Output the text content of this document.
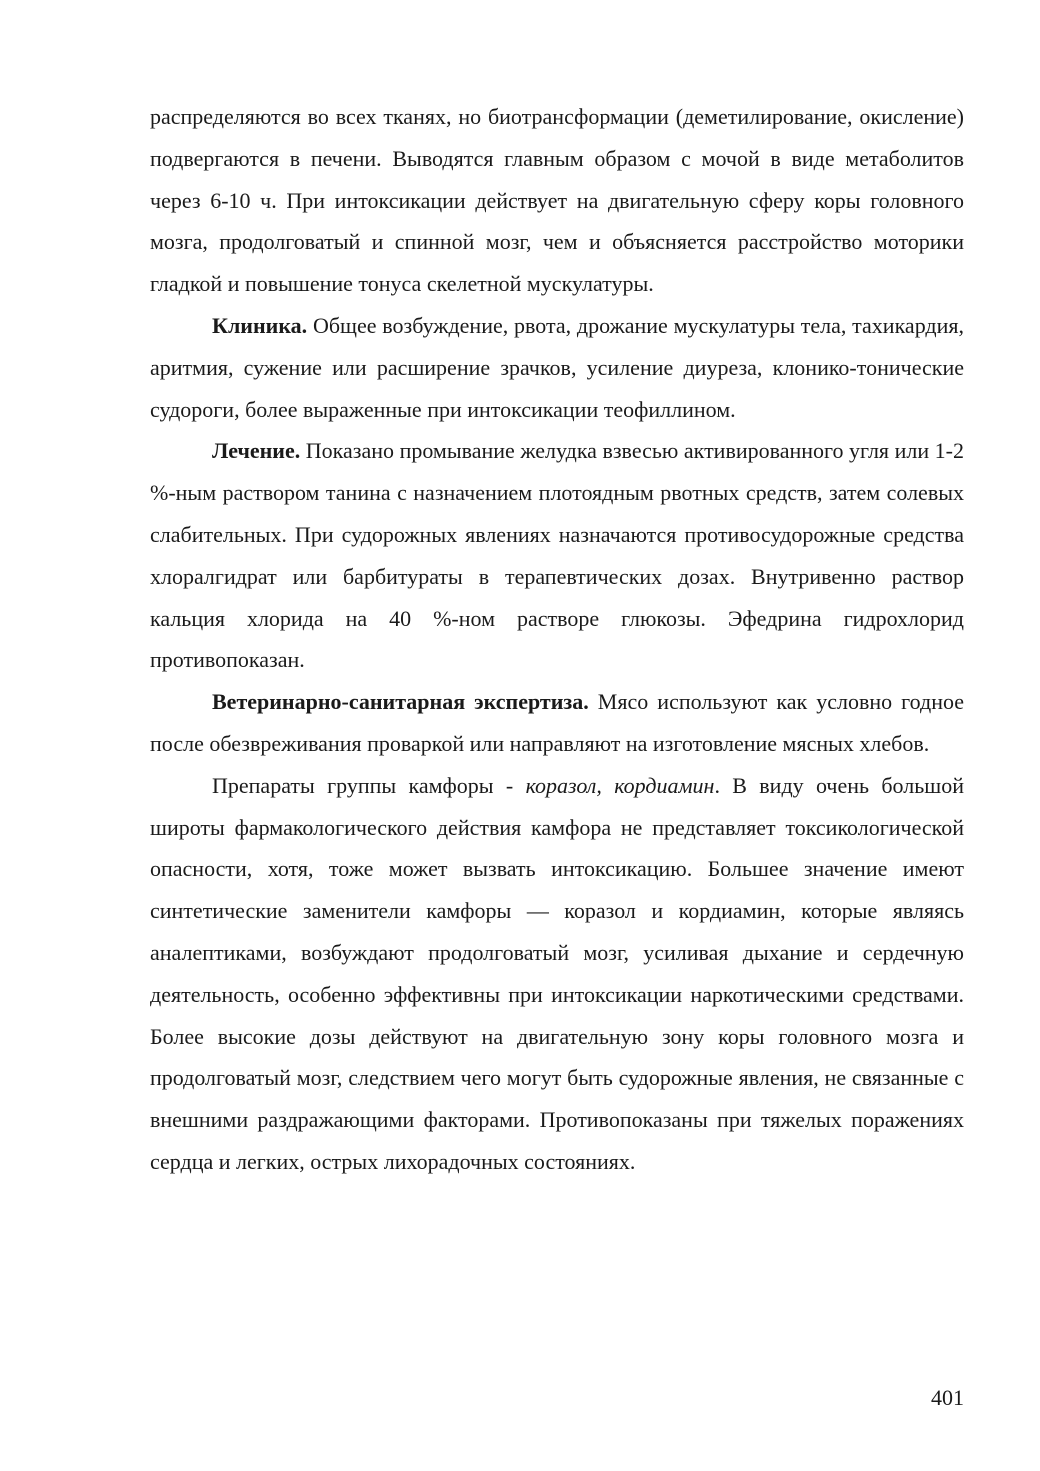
распределяются во всех тканях, но биотрансформации (деметилирование, окисление) подвергаются в печени. Выводятся главным образом с мочой в виде метаболитов через 6-10 ч. При интоксикации действует на двигательную сферу коры головного мозга, продолговатый и спинной мозг, чем и объясняется расстройство моторики гладкой и повышение тонуса скелетной мускулатуры.

Клиника. Общее возбуждение, рвота, дрожание мускулатуры тела, тахикардия, аритмия, сужение или расширение зрачков, усиление диуреза, клонико-тонические судороги, более выраженные при интоксикации теофиллином.

Лечение. Показано промывание желудка взвесью активированного угля или 1-2 %-ным раствором танина с назначением плотоядным рвотных средств, затем солевых слабительных. При судорожных явлениях назначаются противосудорожные средства хлоралгидрат или барбитураты в терапевтических дозах. Внутривенно раствор кальция хлорида на 40 %-ном растворе глюкозы. Эфедрина гидрохлорид противопоказан.

Ветеринарно-санитарная экспертиза. Мясо используют как условно годное после обезвреживания проваркой или направляют на изготовление мясных хлебов.

Препараты группы камфоры - коразол, кордиамин. В виду очень большой широты фармакологического действия камфора не представляет токсикологической опасности, хотя, тоже может вызвать интоксикацию. Большее значение имеют синтетические заменители камфоры — коразол и кордиамин, которые являясь аналептиками, возбуждают продолговатый мозг, усиливая дыхание и сердечную деятельность, особенно эффективны при интоксикации наркотическими средствами. Более высокие дозы действуют на двигательную зону коры головного мозга и продолговатый мозг, следствием чего могут быть судорожные явления, не связанные с внешними раздражающими факторами. Противопоказаны при тяжелых поражениях сердца и легких, острых лихорадочных состояниях.

401
